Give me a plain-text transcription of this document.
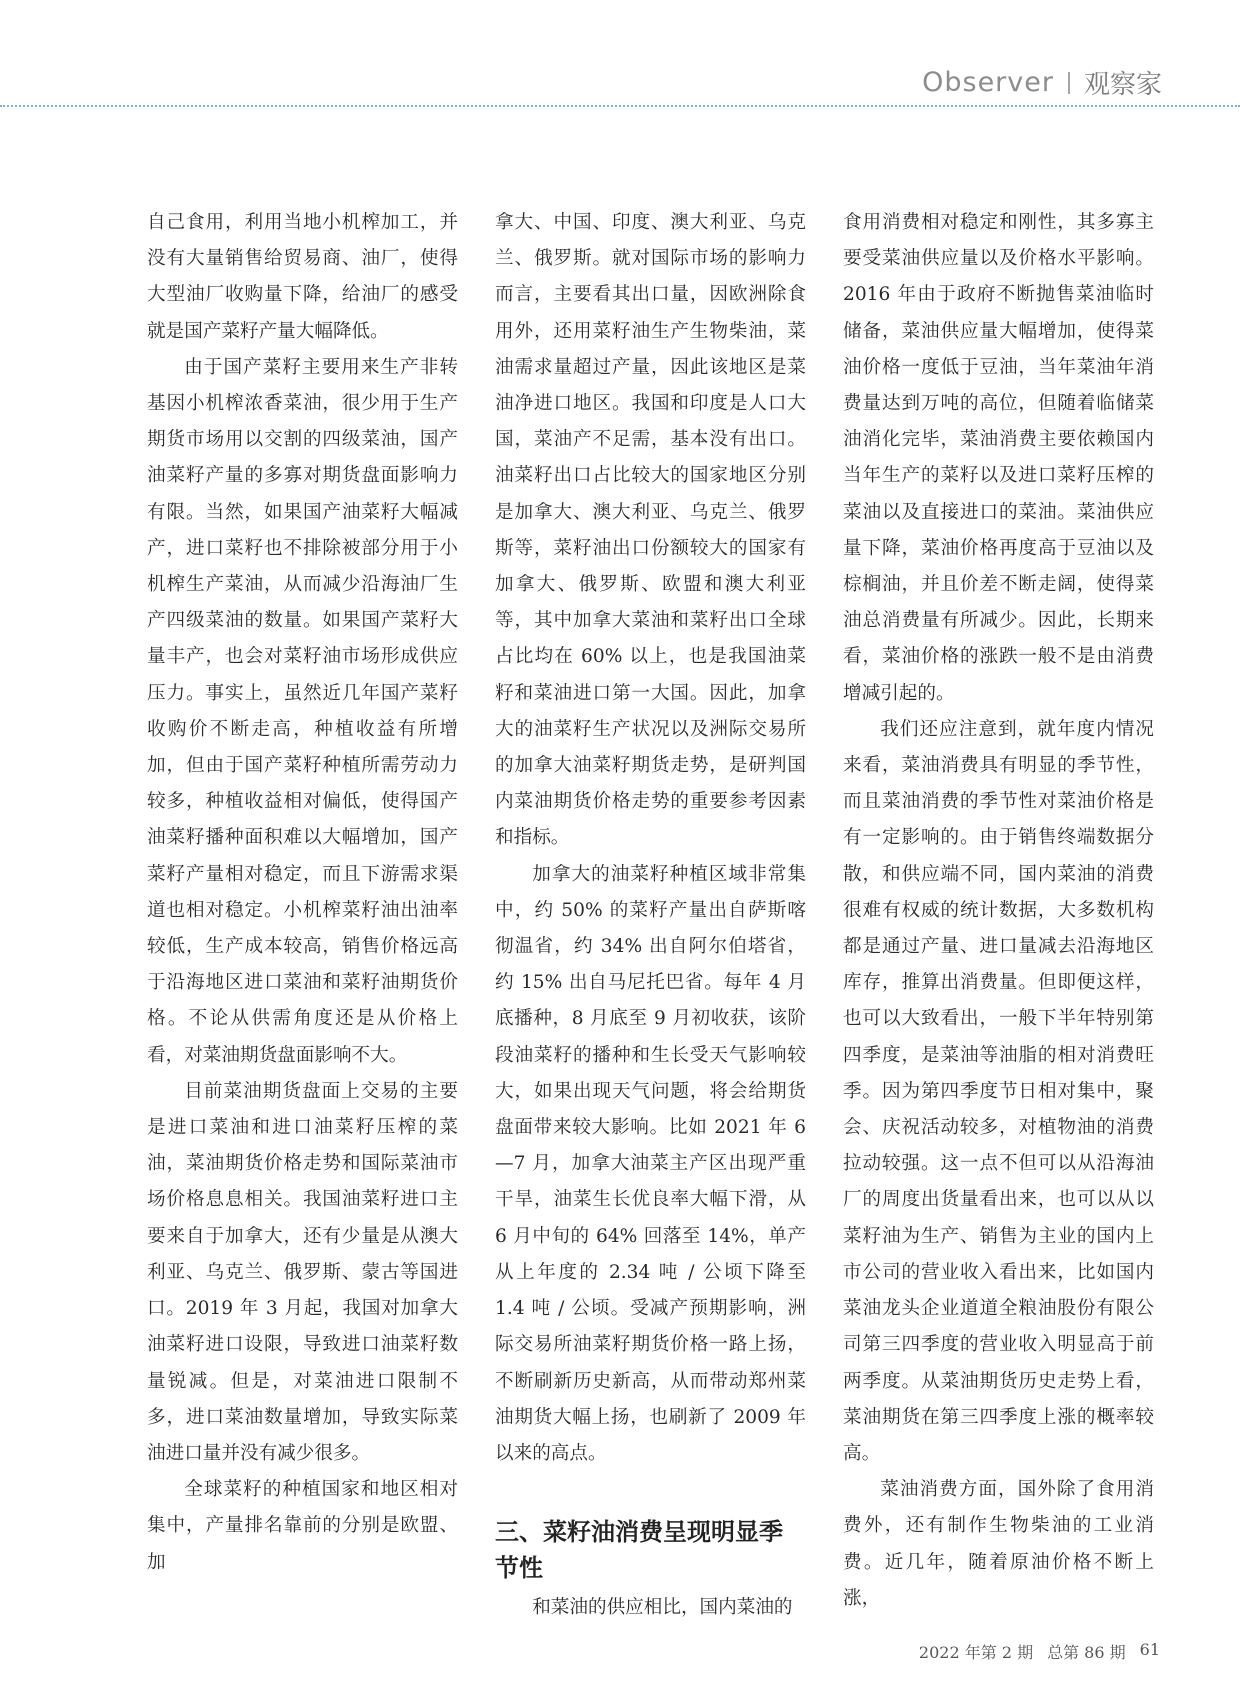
Observer 观察家

自己食用，利用当地小机榨加工，并没有大量销售给贸易商、油厂，使得大型油厂收购量下降，给油厂的感受就是国产菜籽产量大幅降低。

由于国产菜籽主要用来生产非转基因小机榨浓香菜油，很少用于生产期货市场用以交割的四级菜油，国产油菜籽产量的多寡对期货盘面影响力有限。当然，如果国产油菜籽大幅减产，进口菜籽也不排除被部分用于小机榨生产菜油，从而减少沿海油厂生产四级菜油的数量。如果国产菜籽大量丰产，也会对菜籽油市场形成供应压力。事实上，虽然近几年国产菜籽收购价不断走高，种植收益有所增加，但由于国产菜籽种植所需劳动力较多，种植收益相对偏低，使得国产油菜籽播种面积难以大幅增加，国产菜籽产量相对稳定，而且下游需求渠道也相对稳定。小机榨菜籽油出油率较低，生产成本较高，销售价格远高于沿海地区进口菜油和菜籽油期货价格。不论从供需角度还是从价格上看，对菜油期货盘面影响不大。

目前菜油期货盘面上交易的主要是进口菜油和进口油菜籽压榨的菜油，菜油期货价格走势和国际菜油市场价格息息相关。我国油菜籽进口主要来自于加拿大，还有少量是从澳大利亚、乌克兰、俄罗斯、蒙古等国进口。2019 年 3 月起，我国对加拿大油菜籽进口设限，导致进口油菜籽数量锐减。但是，对菜油进口限制不多，进口菜油数量增加，导致实际菜油进口量并没有减少很多。

全球菜籽的种植国家和地区相对集中，产量排名靠前的分别是欧盟、加

拿大、中国、印度、澳大利亚、乌克兰、俄罗斯。就对国际市场的影响力而言，主要看其出口量，因欧洲除食用外，还用菜籽油生产生物柴油，菜油需求量超过产量，因此该地区是菜油净进口地区。我国和印度是人口大国，菜油产不足需，基本没有出口。油菜籽出口占比较大的国家地区分别是加拿大、澳大利亚、乌克兰、俄罗斯等，菜籽油出口份额较大的国家有加拿大、俄罗斯、欧盟和澳大利亚等，其中加拿大菜油和菜籽出口全球占比均在 60% 以上，也是我国油菜籽和菜油进口第一大国。因此，加拿大的油菜籽生产状况以及洲际交易所的加拿大油菜籽期货走势，是研判国内菜油期货价格走势的重要参考因素和指标。

加拿大的油菜籽种植区域非常集中，约 50% 的菜籽产量出自萨斯喀彻温省，约 34% 出自阿尔伯塔省，约 15% 出自马尼托巴省。每年 4 月底播种，8 月底至 9 月初收获，该阶段油菜籽的播种和生长受天气影响较大，如果出现天气问题，将会给期货盘面带来较大影响。比如 2021 年 6—7 月，加拿大油菜主产区出现严重干旱，油菜生长优良率大幅下滑，从 6 月中旬的 64% 回落至 14%，单产从上年度的 2.34 吨 / 公顷下降至 1.4 吨 / 公顷。受减产预期影响，洲际交易所油菜籽期货价格一路上扬，不断刷新历史新高，从而带动郑州菜油期货大幅上扬，也刷新了 2009 年以来的高点。

三、菜籽油消费呈现明显季节性

和菜油的供应相比，国内菜油的

食用消费相对稳定和刚性，其多寡主要受菜油供应量以及价格水平影响。2016 年由于政府不断抛售菜油临时储备，菜油供应量大幅增加，使得菜油价格一度低于豆油，当年菜油年消费量达到万吨的高位，但随着临储菜油消化完毕，菜油消费主要依赖国内当年生产的菜籽以及进口菜籽压榨的菜油以及直接进口的菜油。菜油供应量下降，菜油价格再度高于豆油以及棕榈油，并且价差不断走阔，使得菜油总消费量有所减少。因此，长期来看，菜油价格的涨跌一般不是由消费增减引起的。

我们还应注意到，就年度内情况来看，菜油消费具有明显的季节性，而且菜油消费的季节性对菜油价格是有一定影响的。由于销售终端数据分散，和供应端不同，国内菜油的消费很难有权威的统计数据，大多数机构都是通过产量、进口量减去沿海地区库存，推算出消费量。但即便这样，也可以大致看出，一般下半年特别第四季度，是菜油等油脂的相对消费旺季。因为第四季度节日相对集中，聚会、庆祝活动较多，对植物油的消费拉动较强。这一点不但可以从沿海油厂的周度出货量看出来，也可以从以菜籽油为生产、销售为主业的国内上市公司的营业收入看出来，比如国内菜油龙头企业道道全粮油股份有限公司第三四季度的营业收入明显高于前两季度。从菜油期货历史走势上看，菜油期货在第三四季度上涨的概率较高。

菜油消费方面，国外除了食用消费外，还有制作生物柴油的工业消费。近几年，随着原油价格不断上涨，

2022 年第 2 期 总第 86 期 61
